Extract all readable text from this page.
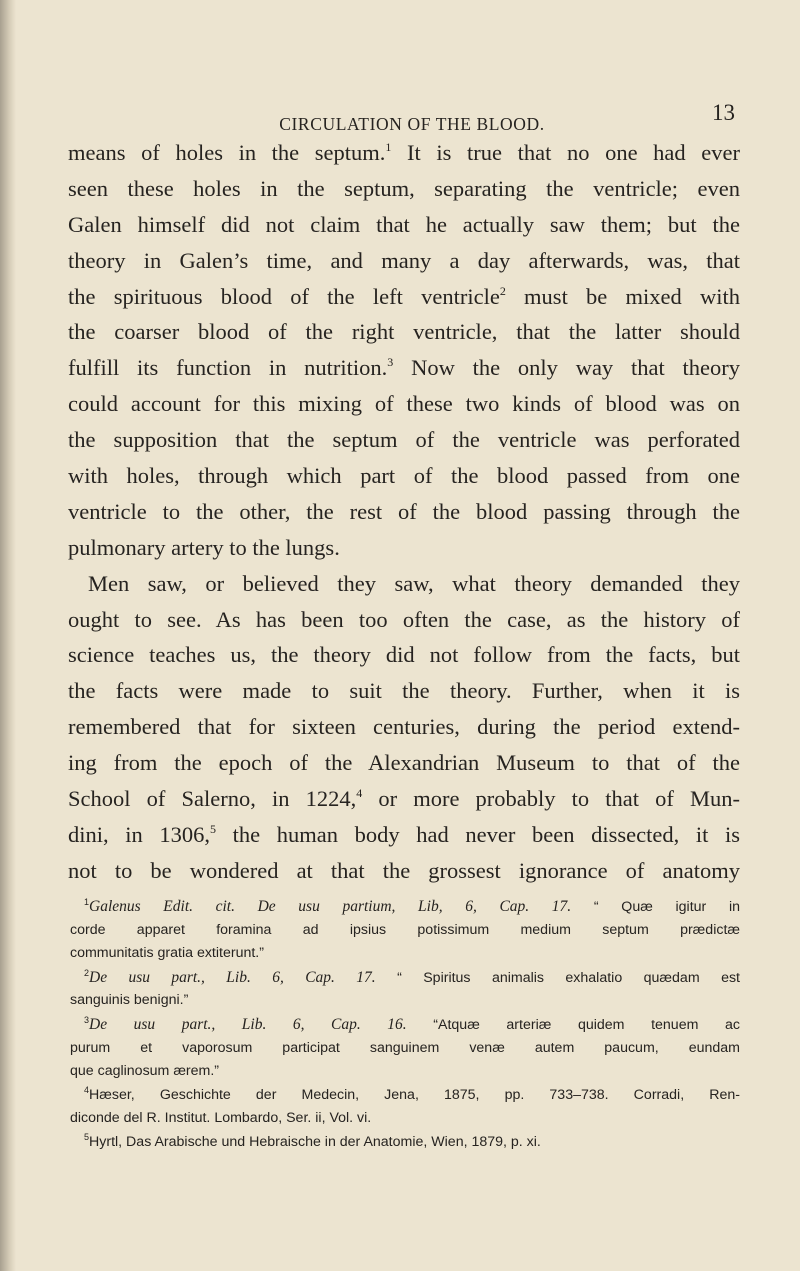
CIRCULATION OF THE BLOOD.	13
means of holes in the septum.$^1$ It is true that no one had ever
seen these holes in the septum, separating the ventricle; even
Galen himself did not claim that he actually saw them; but the
theory in Galen’s time, and many a day afterwards, was, that
the spirituous blood of the left ventricle$^2$ must be mixed with
the coarser blood of the right ventricle, that the latter should
fulfill its function in nutrition.$^3$ Now the only way that theory
could account for this mixing of these two kinds of blood was on
the supposition that the septum of the ventricle was perforated
with holes, through which part of the blood passed from one
ventricle to the other, the rest of the blood passing through the
pulmonary artery to the lungs.
Men saw, or believed they saw, what theory demanded they
ought to see. As has been too often the case, as the history of
science teaches us, the theory did not follow from the facts, but
the facts were made to suit the theory. Further, when it is
remembered that for sixteen centuries, during the period extend-
ing from the epoch of the Alexandrian Museum to that of the
School of Salerno, in 1224,$^4$ or more probably to that of Mun-
dini, in 1306,$^5$ the human body had never been dissected, it is
not to be wondered at that the grossest ignorance of anatomy
$^1$Galenus Edit. cit. De usu partium, Lib, 6, Cap. 17. “ Quæ igitur in
corde apparet foramina ad ipsius potissimum medium septum prædictæ
communitatis gratia extiterunt.”
$^2$De usu part., Lib. 6, Cap. 17. “ Spiritus animalis exhalatio quædam est
sanguinis benigni.”
$^3$De usu part., Lib. 6, Cap. 16. “Atquæ arteriæ quidem tenuem ac
purum et vaporosum participat sanguinem venæ autem paucum, eundam
que caglinosum ærem.”
$^4$Hæser, Geschichte der Medecin, Jena, 1875, pp. 733–738. Corradi, Ren-
diconde del R. Institut. Lombardo, Ser. ii, Vol. vi.
$^5$Hyrtl, Das Arabische und Hebraische in der Anatomie, Wien, 1879, p. xi.
